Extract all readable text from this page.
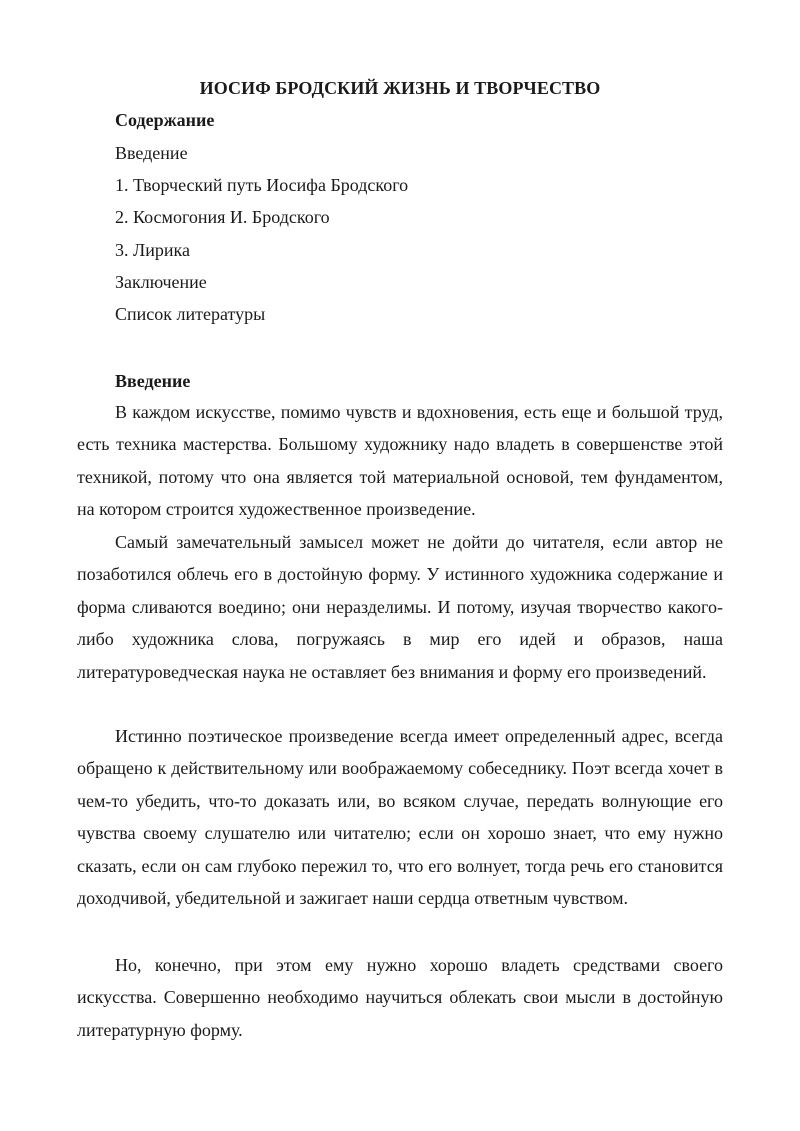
ИОСИФ БРОДСКИЙ ЖИЗНЬ И ТВОРЧЕСТВО
Содержание
Введение
1. Творческий путь Иосифа Бродского
2. Космогония И. Бродского
3. Лирика
Заключение
Список литературы
Введение

В каждом искусстве, помимо чувств и вдохновения, есть еще и большой труд, есть техника мастерства. Большому художнику надо владеть в совершенстве этой техникой, потому что она является той материальной основой, тем фундаментом, на котором строится художественное произведение.

Самый замечательный замысел может не дойти до читателя, если автор не позаботился облечь его в достойную форму. У истинного художника содержание и форма сливаются воедино; они неразделимы. И потому, изучая творчество какого-либо художника слова, погружаясь в мир его идей и образов, наша литературоведческая наука не оставляет без внимания и форму его произведений.

Истинно поэтическое произведение всегда имеет определенный адрес, всегда обращено к действительному или воображаемому собеседнику. Поэт всегда хочет в чем-то убедить, что-то доказать или, во всяком случае, передать волнующие его чувства своему слушателю или читателю; если он хорошо знает, что ему нужно сказать, если он сам глубоко пережил то, что его волнует, тогда речь его становится доходчивой, убедительной и зажигает наши сердца ответным чувством.

Но, конечно, при этом ему нужно хорошо владеть средствами своего искусства. Совершенно необходимо научиться облекать свои мысли в достойную литературную форму.
